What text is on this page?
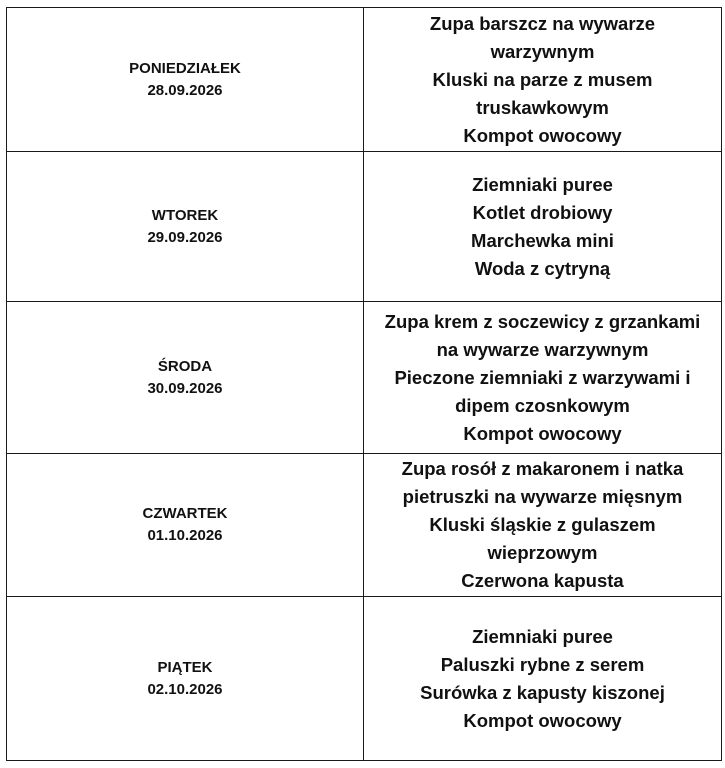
PONIEDZIAŁEK
28.09.2026	Zupa barszcz na wywarze
warzywnym
Kluski na parze z musem
truskawkowym
Kompot owocowy

WTOREK
29.09.2026	Ziemniaki puree
Kotlet drobiowy
Marchewka mini
Woda z cytryną

ŚRODA
30.09.2026	Zupa krem z soczewicy z grzankami
na wywarze warzywnym
Pieczone ziemniaki z warzywami i
dipem czosnkowym
Kompot owocowy

CZWARTEK
01.10.2026	Zupa rosół z makaronem i natka
pietruszki na wywarze mięsnym
Kluski śląskie z gulaszem
wieprzowym
Czerwona kapusta

PIĄTEK
02.10.2026	Ziemniaki puree
Paluszki rybne z serem
Surówka z kapusty kiszonej
Kompot owocowy
